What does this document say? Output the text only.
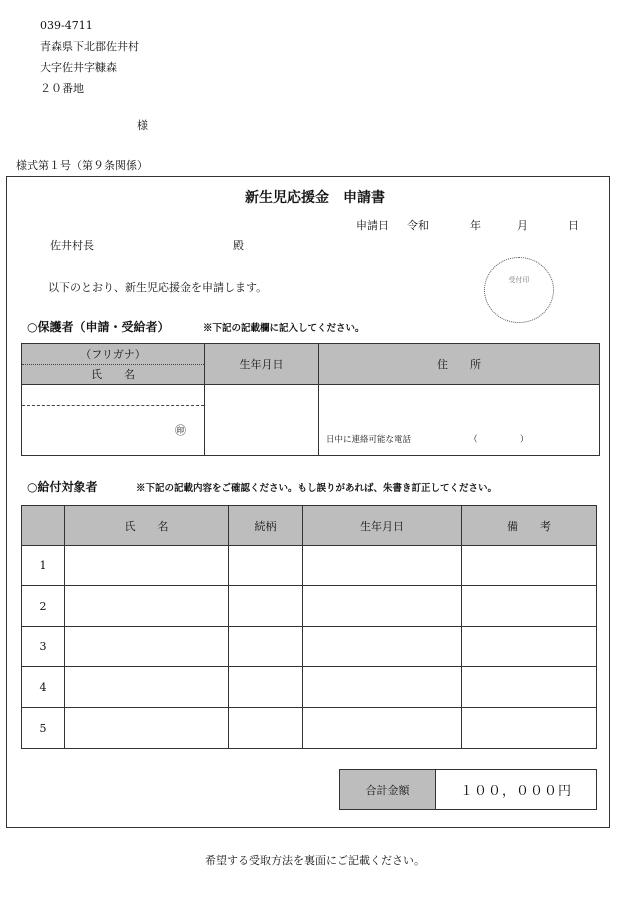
039-4711
青森県下北郡佐井村
大字佐井字糠森
２０番地
様
様式第１号（第９条関係）
新生児応援金　申請書
申請日 令和	年	月	日
佐井村長	殿
以下のとおり、新生児応援金を申請します。
受付印
○保護者（申請・受給者）	※下記の記載欄に記入してください。
（フリガナ）
氏　　名	生年月日	住　　所

㊞		日中に連絡可能な電話 （　　　　　）
○給付対象者	※下記の記載内容をご確認ください。もし誤りがあれば、朱書き訂正してください。
	氏　　名	続柄	生年月日	備　　考
1				
2				
3				
4				
5				
合計金額	１００，０００円
希望する受取方法を裏面にご記載ください。
